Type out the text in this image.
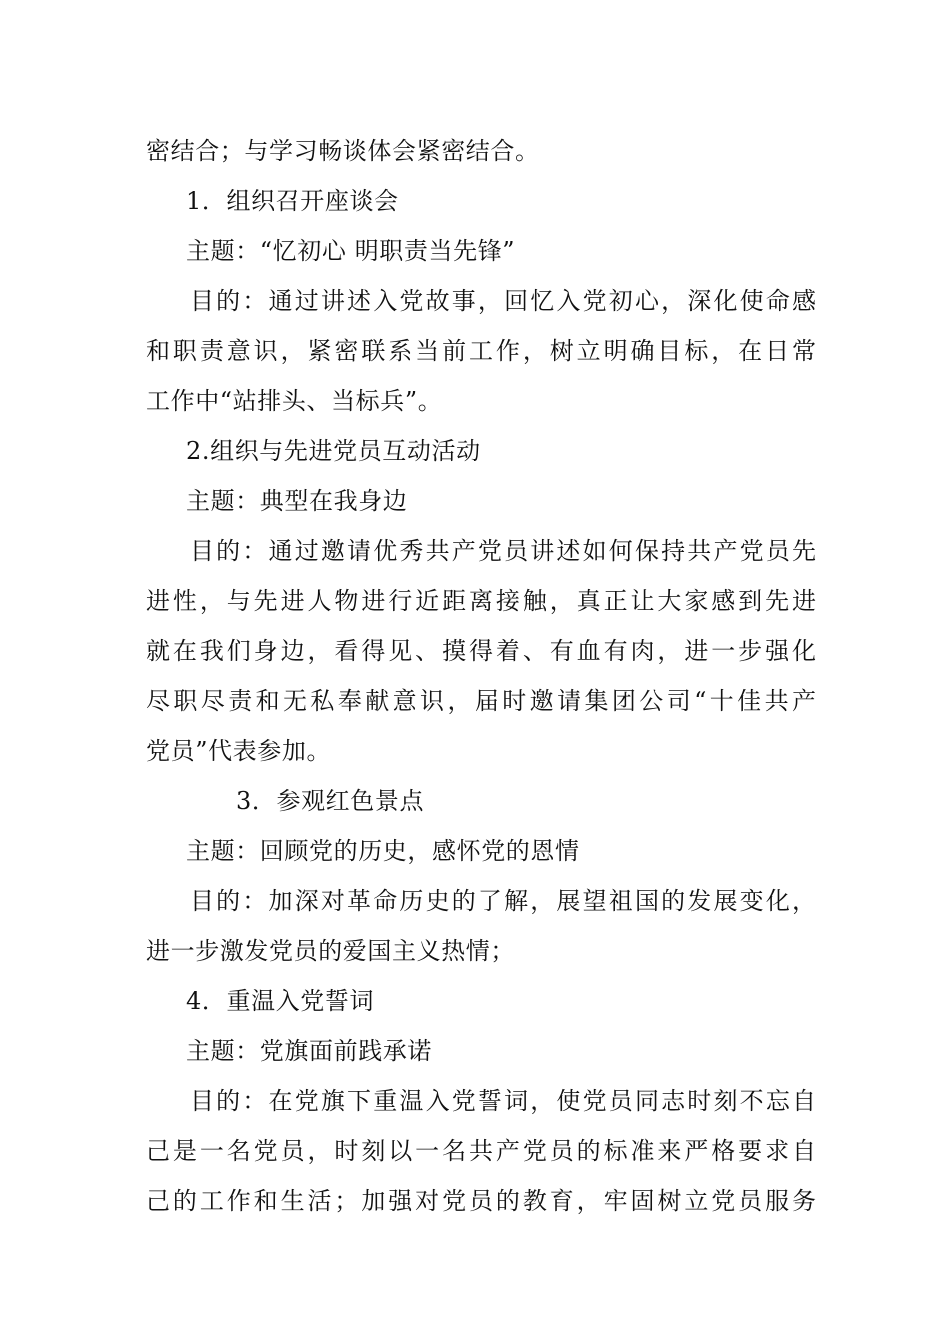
密结合；与学习畅谈体会紧密结合。
1．组织召开座谈会
主题：“忆初心 明职责当先锋”
目的：通过讲述入党故事，回忆入党初心，深化使命感
和职责意识，紧密联系当前工作，树立明确目标，在日常
工作中“站排头、当标兵”。
2.组织与先进党员互动活动
主题：典型在我身边
目的：通过邀请优秀共产党员讲述如何保持共产党员先
进性，与先进人物进行近距离接触，真正让大家感到先进
就在我们身边，看得见、摸得着、有血有肉，进一步强化
尽职尽责和无私奉献意识，届时邀请集团公司“十佳共产
党员”代表参加。
3．参观红色景点
主题：回顾党的历史，感怀党的恩情
目的：加深对革命历史的了解，展望祖国的发展变化，
进一步激发党员的爱国主义热情；
4．重温入党誓词
主题：党旗面前践承诺
目的：在党旗下重温入党誓词，使党员同志时刻不忘自
己是一名党员，时刻以一名共产党员的标准来严格要求自
己的工作和生活；加强对党员的教育，牢固树立党员服务
